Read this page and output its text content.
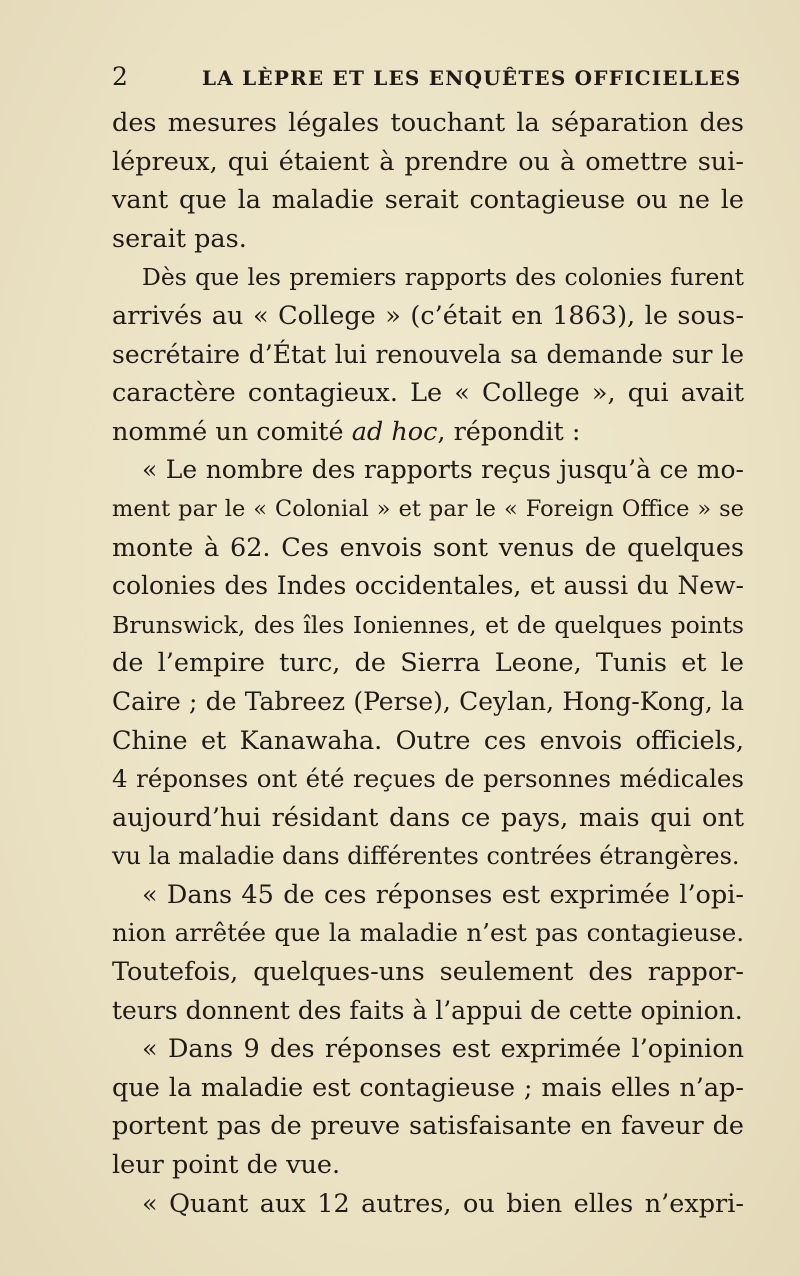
2	LA LÈPRE ET LES ENQUÊTES OFFICIELLES
des mesures légales touchant la séparation des
lépreux, qui étaient à prendre ou à omettre sui-
vant que la maladie serait contagieuse ou ne le
serait pas.
Dès que les premiers rapports des colonies furent
arrivés au « College » (c’était en 1863), le sous-
secrétaire d’État lui renouvela sa demande sur le
caractère contagieux. Le « College », qui avait
nommé un comité ad hoc, répondit :
« Le nombre des rapports reçus jusqu’à ce mo-
ment par le « Colonial » et par le « Foreign Office » se
monte à 62. Ces envois sont venus de quelques
colonies des Indes occidentales, et aussi du New-
Brunswick, des îles Ioniennes, et de quelques points
de l’empire turc, de Sierra Leone, Tunis et le
Caire ; de Tabreez (Perse), Ceylan, Hong-Kong, la
Chine et Kanawaha. Outre ces envois officiels,
4 réponses ont été reçues de personnes médicales
aujourd’hui résidant dans ce pays, mais qui ont
vu la maladie dans différentes contrées étrangères.
« Dans 45 de ces réponses est exprimée l’opi-
nion arrêtée que la maladie n’est pas contagieuse.
Toutefois, quelques-uns seulement des rappor-
teurs donnent des faits à l’appui de cette opinion.
« Dans 9 des réponses est exprimée l’opinion
que la maladie est contagieuse ; mais elles n’ap-
portent pas de preuve satisfaisante en faveur de
leur point de vue.
« Quant aux 12 autres, ou bien elles n’expri-
